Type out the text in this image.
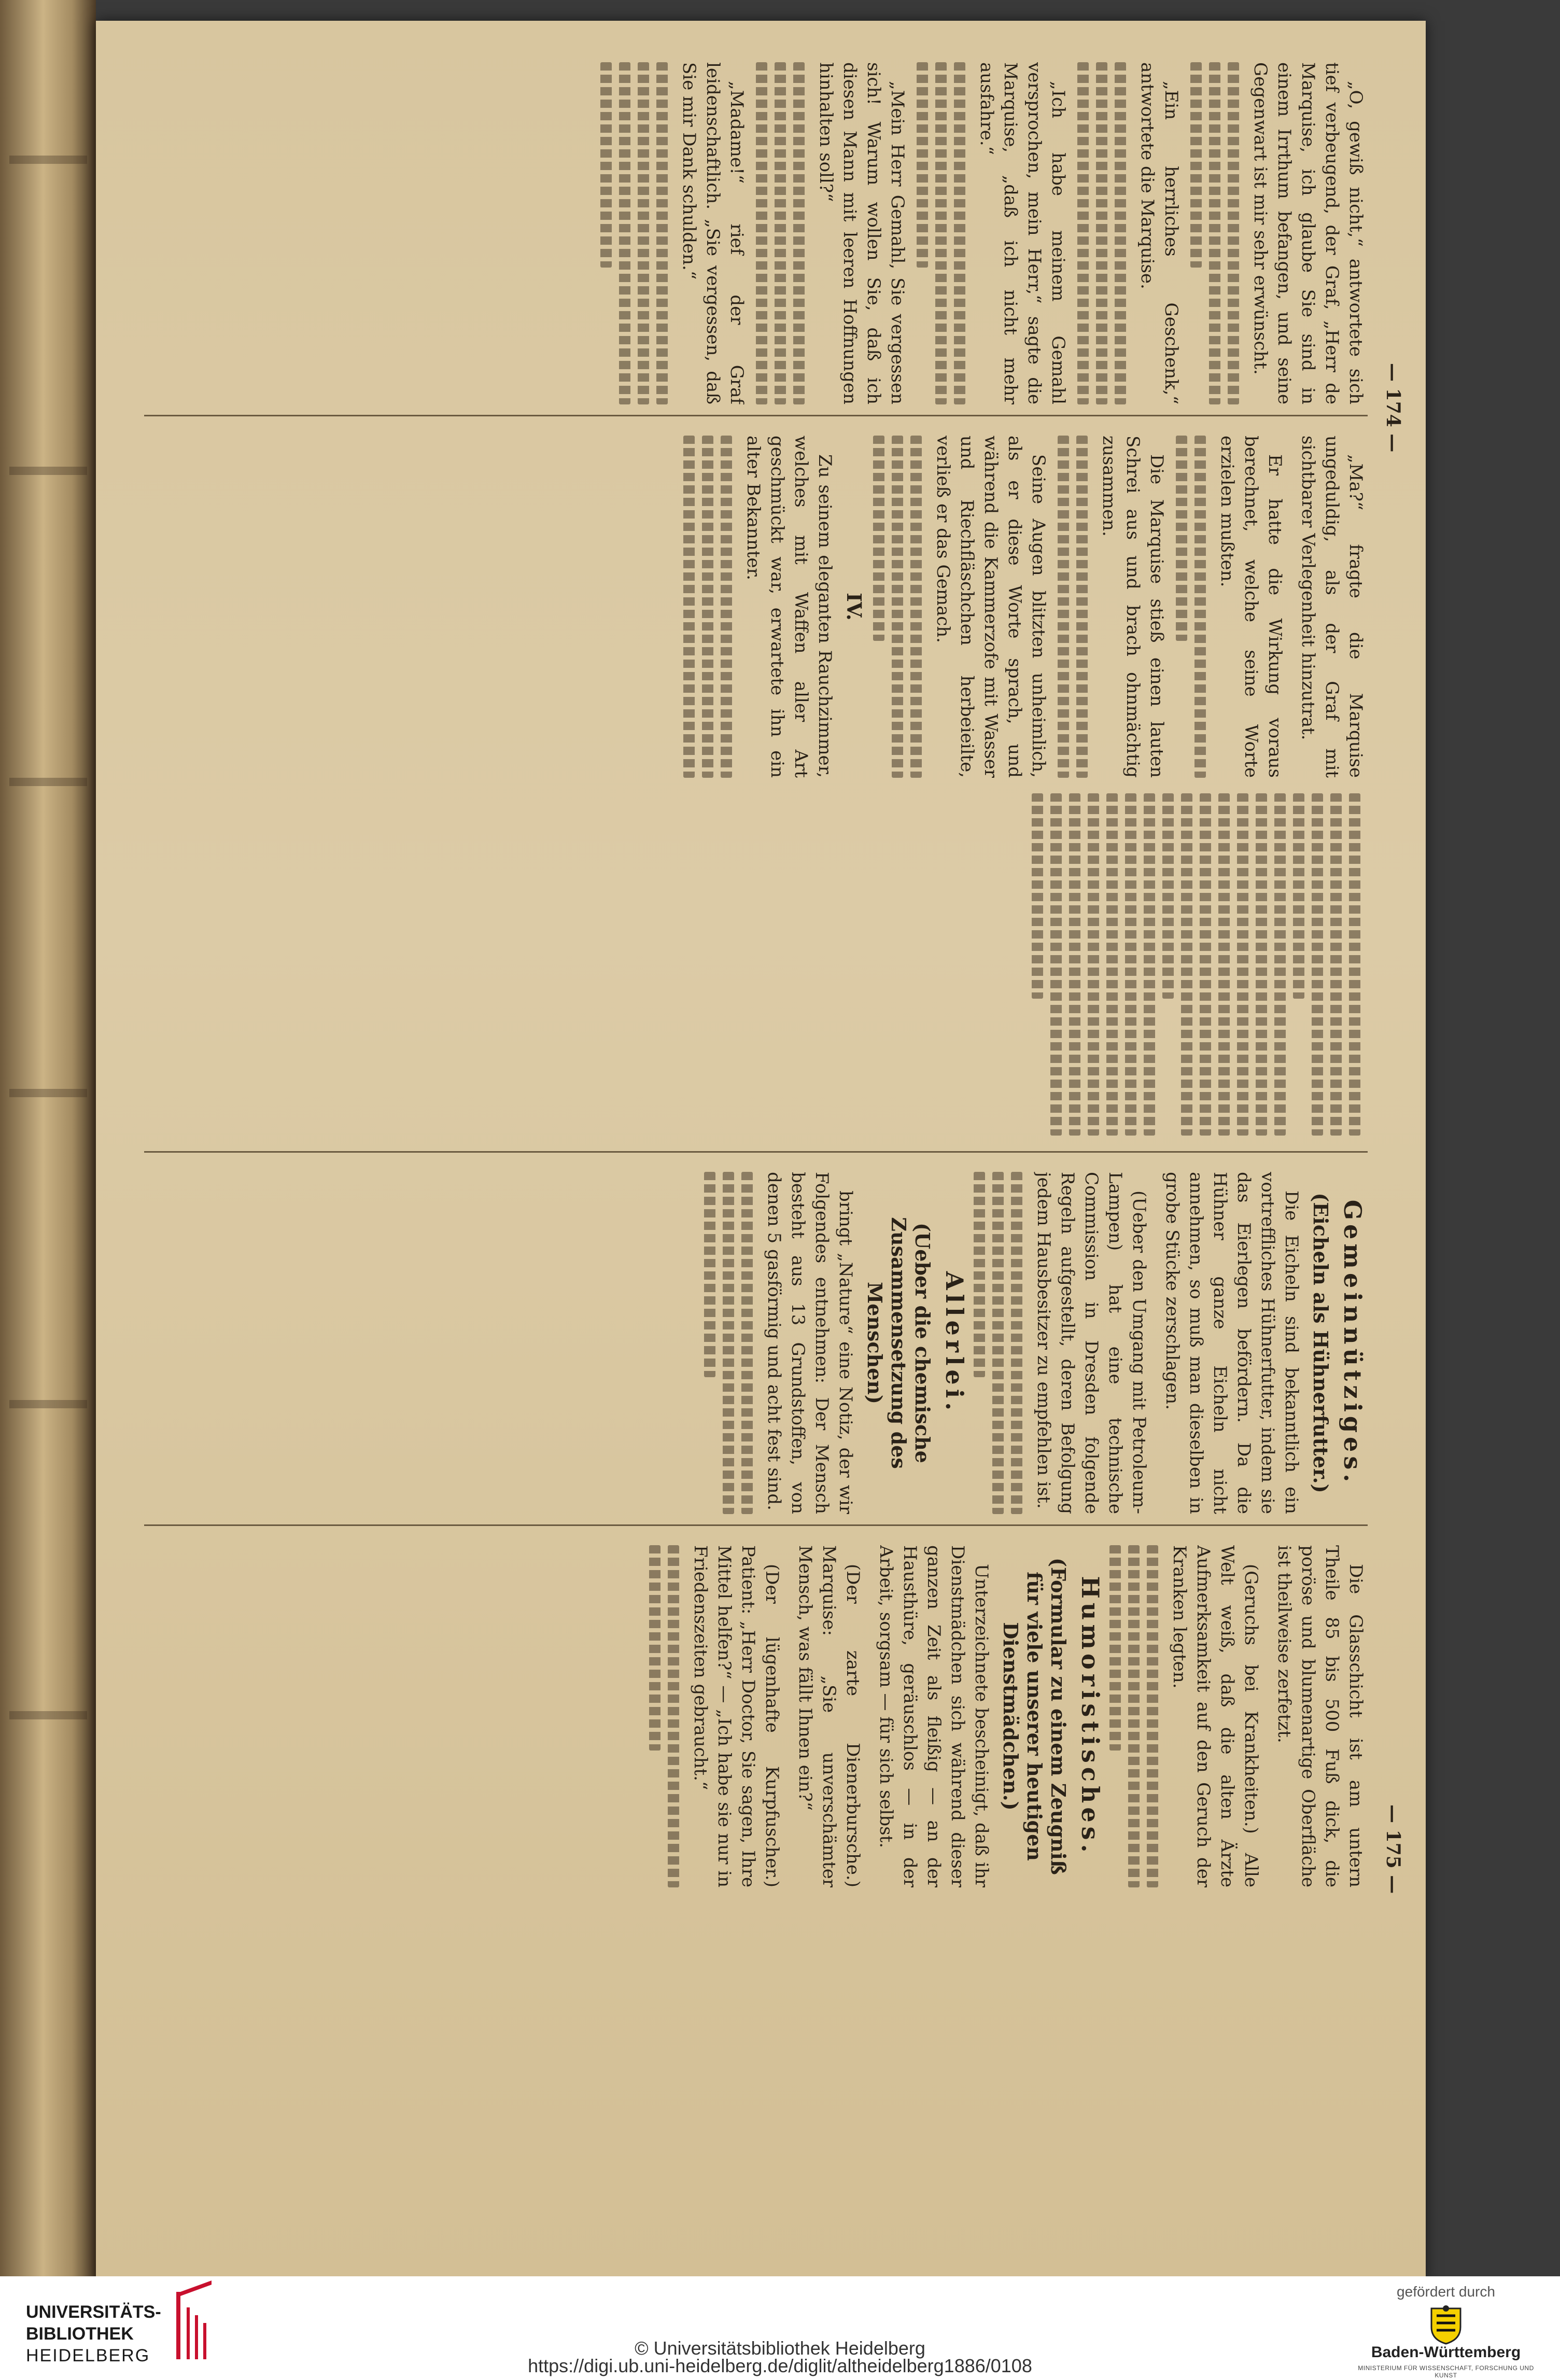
— 174 —
— 175 —

„O, gewiß nicht,“ antwortete sich tief verbeugend, der Graf, „Herr de Marquise, ich glaube Sie sind in einem Irrthum befangen, und seine Gegenwart ist mir sehr erwünscht.

„Ein herrliches Geschenk,“ antwortete die Marquise.

„Ich habe meinem Gemahl versprochen, mein Herr,“ sagte die Marquise, „daß ich nicht mehr ausfahre.“

„Mein Herr Gemahl, Sie vergessen sich! Warum wollen Sie, daß ich diesen Mann mit leeren Hoffnungen hinhalten soll?“

„Madame!“ rief der Graf leidenschaftlich. „Sie vergessen, daß Sie mir Dank schulden.“

„Ma?“ fragte die Marquise ungeduldig, als der Graf mit sichtbarer Verlegenheit hinzutrat.

Er hatte die Wirkung voraus berechnet, welche seine Worte erzielen mußten.

Die Marquise stieß einen lauten Schrei aus und brach ohnmächtig zusammen.

Seine Augen blitzten unheimlich, als er diese Worte sprach, und während die Kammerzofe mit Wasser und Riechfläschchen herbeieilte, verließ er das Gemach.

IV.

Zu seinem eleganten Rauchzimmer, welches mit Waffen aller Art geschmückt war, erwartete ihn ein alter Bekannter.

Gemeinnütziges.
(Eicheln als Hühnerfutter.)

Die Eicheln sind bekanntlich ein vortreffliches Hühnerfutter, indem sie das Eierlegen befördern. Da die Hühner ganze Eicheln nicht annehmen, so muß man dieselben in grobe Stücke zerschlagen.

(Ueber den Umgang mit Petroleum-Lampen) hat eine technische Commission in Dresden folgende Regeln aufgestellt, deren Befolgung jedem Hausbesitzer zu empfehlen ist.

Allerlei.
(Ueber die chemische Zusammensetzung des Menschen)

bringt „Nature“ eine Notiz, der wir Folgendes entnehmen: Der Mensch besteht aus 13 Grundstoffen, von denen 5 gasförmig und acht fest sind.

Die Glasschicht ist am untern Theile 85 bis 500 Fuß dick, die poröse und blumenartige Oberfläche ist theilweise zerfetzt.

(Geruchs bei Krankheiten.) Alle Welt weiß, daß die alten Ärzte Aufmerksamkeit auf den Geruch der Kranken legten.

Humoristisches.
(Formular zu einem Zeugniß für viele unserer heutigen Dienstmädchen.)

Unterzeichnete bescheinigt, daß ihr Dienstmädchen sich während dieser ganzen Zeit als fleißig — an der Hausthüre, geräuschlos — in der Arbeit, sorgsam — für sich selbst.

(Der zarte Dienerbursche.) Marquise: „Sie unverschämter Mensch, was fällt Ihnen ein?“

(Der lügenhafte Kurpfuscher.) Patient: „Herr Doctor, Sie sagen, Ihre Mittel helfen?“ — „Ich habe sie nur in Friedenszeiten gebraucht.“

UNIVERSITÄTS-
BIBLIOTHEK
HEIDELBERG	© Universitätsbibliothek Heidelberg
https://digi.ub.uni-heidelberg.de/diglit/altheidelberg1886/0108
gefördert durch
Baden-Württemberg
MINISTERIUM FÜR WISSENSCHAFT, FORSCHUNG UND KUNST
